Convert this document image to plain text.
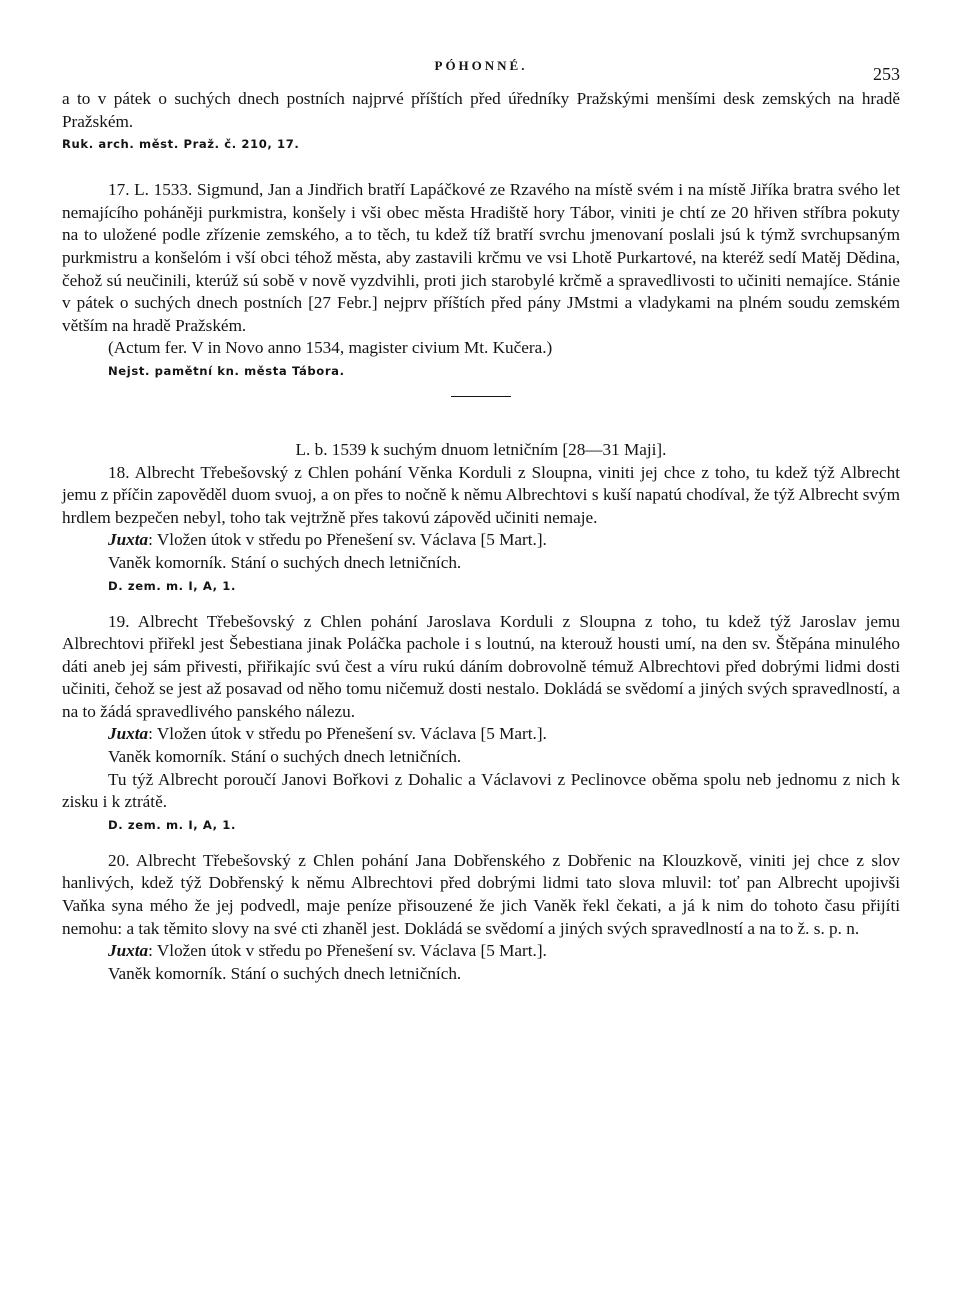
PÓHONNÉ.	253

a to v pátek o suchých dnech postních najprvé příštích před úředníky Pražskými menšími desk zemských na hradě Pražském.

Ruk. arch. měst. Praž. č. 210, 17.

17. L. 1533. Sigmund, Jan a Jindřich bratří Lapáčkové ze Rzavého na místě svém i na místě Jiříka bratra svého let nemajícího poháněji purkmistra, konšely i vši obec města Hradiště hory Tábor, viniti je chtí ze 20 hřiven stříbra pokuty na to uložené podle zřízenie zemského, a to těch, tu kdež tíž bratří svrchu jmenovaní poslali jsú k týmž svrchupsaným purkmistru a konšelóm i vší obci téhož města, aby zastavili krčmu ve vsi Lhotě Purkartové, na kteréž sedí Matěj Dědina, čehož sú neučinili, kterúž sú sobě v nově vyzdvihli, proti jich starobylé krčmě a spravedlivosti to učiniti nemajíce. Stánie v pátek o suchých dnech postních [27 Febr.] nejprv příštích před pány JMstmi a vladykami na plném soudu zemském větším na hradě Pražském.

(Actum fer. V in Novo anno 1534, magister civium Mt. Kučera.)

Nejst. pamětní kn. města Tábora.

L. b. 1539 k suchým dnuom letničním [28—31 Maji].

18. Albrecht Třebešovský z Chlen pohání Věnka Korduli z Sloupna, viniti jej chce z toho, tu kdež týž Albrecht jemu z příčin zapověděl duom svuoj, a on přes to nočně k němu Albrechtovi s kuší napatú chodíval, že týž Albrecht svým hrdlem bezpečen nebyl, toho tak vejtržně přes takovú zápověd učiniti nemaje.

Juxta: Vložen útok v středu po Přenešení sv. Václava [5 Mart.].

Vaněk komorník. Stání o suchých dnech letničních.

D. zem. m. I, A, 1.

19. Albrecht Třebešovský z Chlen pohání Jaroslava Korduli z Sloupna z toho, tu kdež týž Jaroslav jemu Albrechtovi přiřekl jest Šebestiana jinak Poláčka pachole i s loutnú, na kterouž housti umí, na den sv. Štěpána minulého dáti aneb jej sám přivesti, přiřikajíc svú čest a víru rukú dáním dobrovolně témuž Albrechtovi před dobrými lidmi dosti učiniti, čehož se jest až posavad od něho tomu ničemuž dosti nestalo. Dokládá se svědomí a jiných svých spravedlností, a na to žádá spravedlivého panského nálezu.

Juxta: Vložen útok v středu po Přenešení sv. Václava [5 Mart.].

Vaněk komorník. Stání o suchých dnech letničních.

Tu týž Albrecht poroučí Janovi Bořkovi z Dohalic a Václavovi z Peclinovce oběma spolu neb jednomu z nich k zisku i k ztrátě.

D. zem. m. I, A, 1.

20. Albrecht Třebešovský z Chlen pohání Jana Dobřenského z Dobřenic na Klouzkově, viniti jej chce z slov hanlivých, kdež týž Dobřenský k němu Albrechtovi před dobrými lidmi tato slova mluvil: toť pan Albrecht upojivši Vaňka syna mého že jej podvedl, maje peníze přisouzené že jich Vaněk řekl čekati, a já k nim do tohoto času přijíti nemohu: a tak těmito slovy na své cti zhaněl jest. Dokládá se svědomí a jiných svých spravedlností a na to ž. s. p. n.

Juxta: Vložen útok v středu po Přenešení sv. Václava [5 Mart.].

Vaněk komorník. Stání o suchých dnech letničních.
